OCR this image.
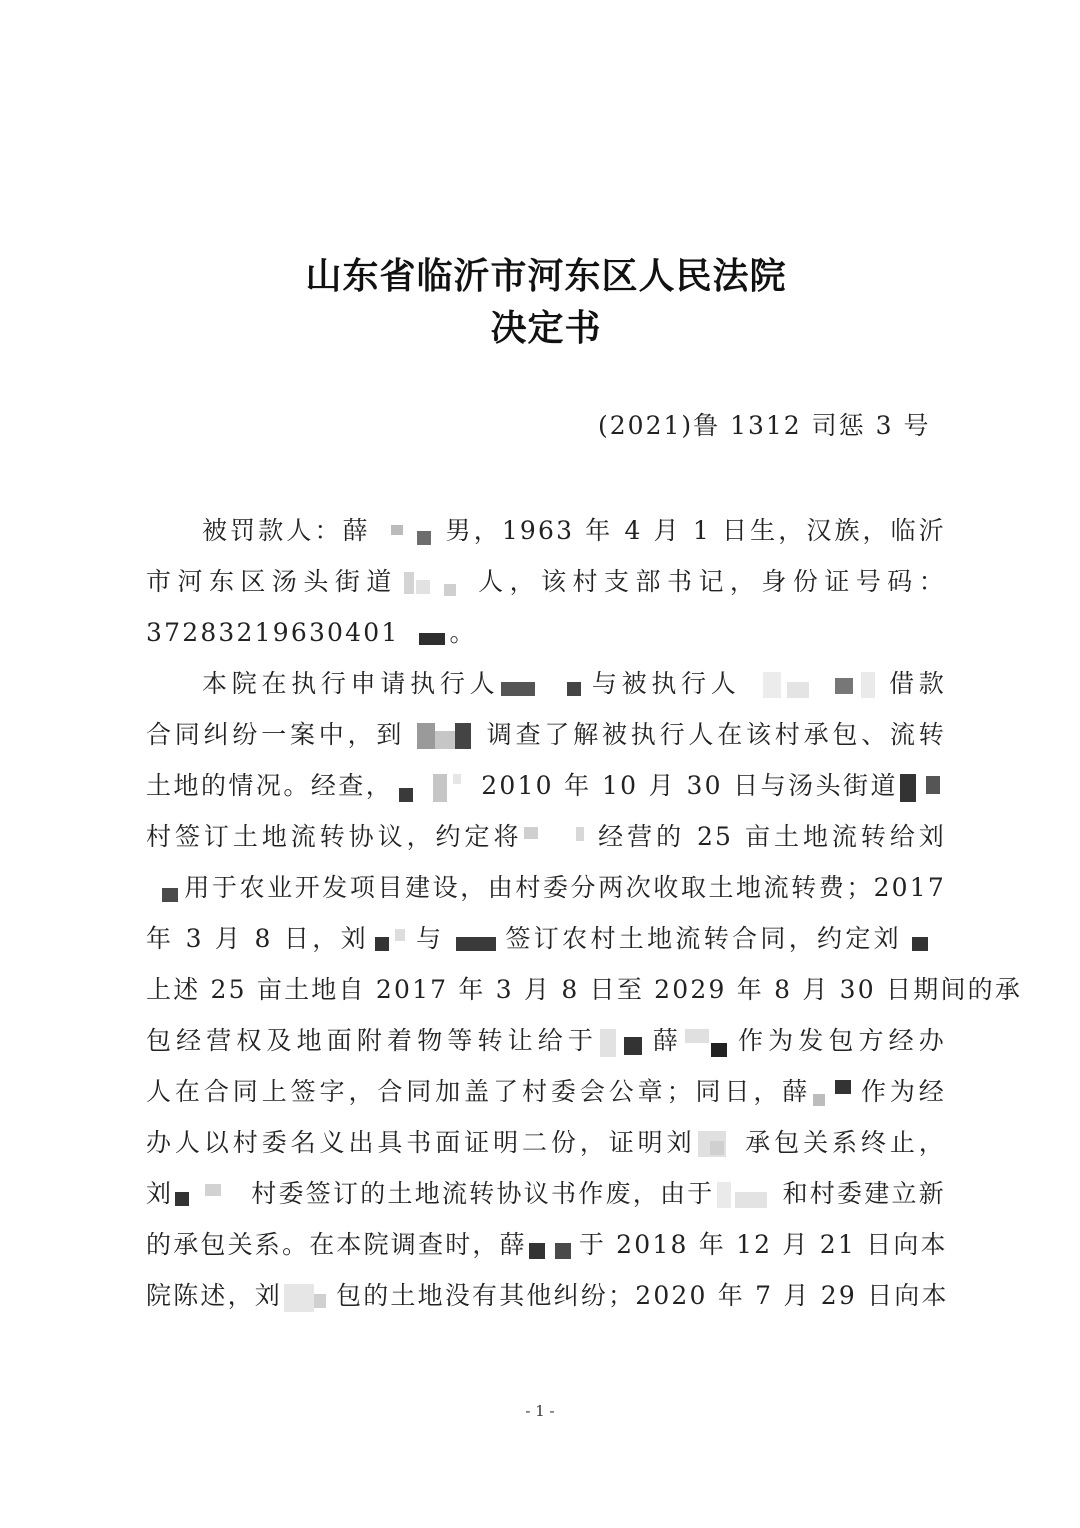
山东省临沂市河东区人民法院
决定书
(2021)鲁 1312 司惩 3 号
被罚款人：薛	男，1963 年 4 月 1 日生，汉族，临沂
市河东区汤头街道	人，该村支部书记，身份证号码：
37283219630401 。
本院在执行申请执行人	与被执行人	借款
合同纠纷一案中，到	调查了解被执行人在该村承包、流转
土地的情况。经查，	2010 年 10 月 30 日与汤头街道
村签订土地流转协议，约定将	经营的 25 亩土地流转给刘
用于农业开发项目建设，由村委分两次收取土地流转费；2017
年 3 月 8 日，刘 与 签订农村土地流转合同，约定刘
上述 25 亩土地自 2017 年 3 月 8 日至 2029 年 8 月 30 日期间的承
包经营权及地面附着物等转让给于 薛 作为发包方经办
人在合同上签字，合同加盖了村委会公章；同日，薛 作为经
办人以村委名义出具书面证明二份，证明刘 承包关系终止，
刘	村委签订的土地流转协议书作废，由于	和村委建立新
的承包关系。在本院调查时，薛 于 2018 年 12 月 21 日向本
院陈述，刘 包的土地没有其他纠纷；2020 年 7 月 29 日向本
- 1 -
